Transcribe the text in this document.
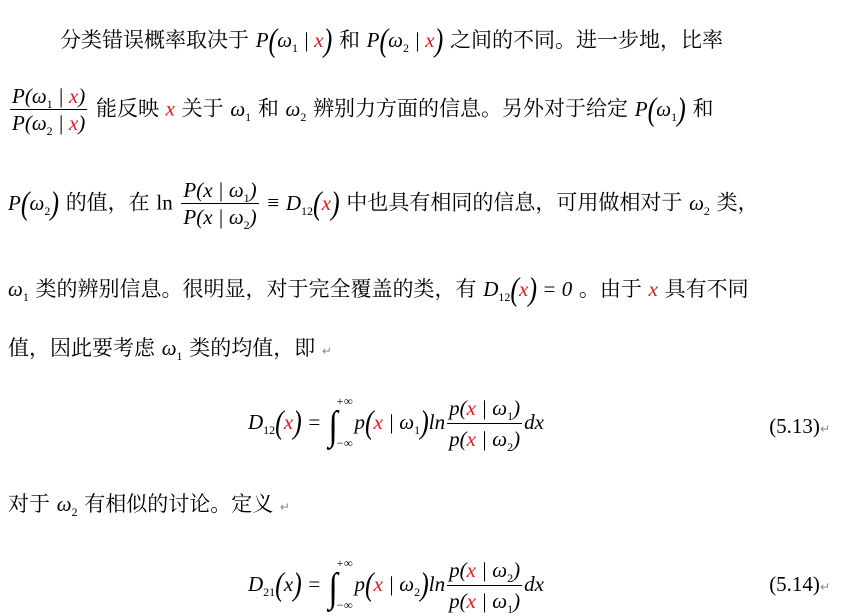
分类错误概率取决于 $P(\omega_1$ | x) 和 $P(\omega_2$ | x) 之间的不同。进一步地，比率
$\frac{P(\omega_1 | x)}{P(\omega_2 | x)}$ 能反映 x 关于 $\omega_1$ 和 $\omega_2$ 辨别力方面的信息。另外对于给定 $P(\omega_1)$ 和
$P(\omega_2)$ 的值，在 $\ln \frac{P(x | \omega_1)}{P(x | \omega_2)} \equiv D_{12}(x)$ 中也具有相同的信息，可用做相对于 $\omega_2$ 类，
$\omega_1$ 类的辨别信息。很明显，对于完全覆盖的类，有 $D_{12}(x) = 0$ 。由于 x 具有不同
值，因此要考虑 $\omega_1$ 类的均值，即 ↵
$D_{12}(x)$ = ∫
+∞
−∞
p(x | $\omega_1)\ln \frac{p(x | \omega_1)}{p(x | \omega_2)}$ dx	(5.13)↵
对于 $\omega_2$ 有相似的讨论。定义 ↵
$D_{21}(x)$ = ∫
+∞
−∞
p(x | $\omega_2)\ln \frac{p(x | \omega_2)}{p(x | \omega_1)}$ dx	(5.14)↵
